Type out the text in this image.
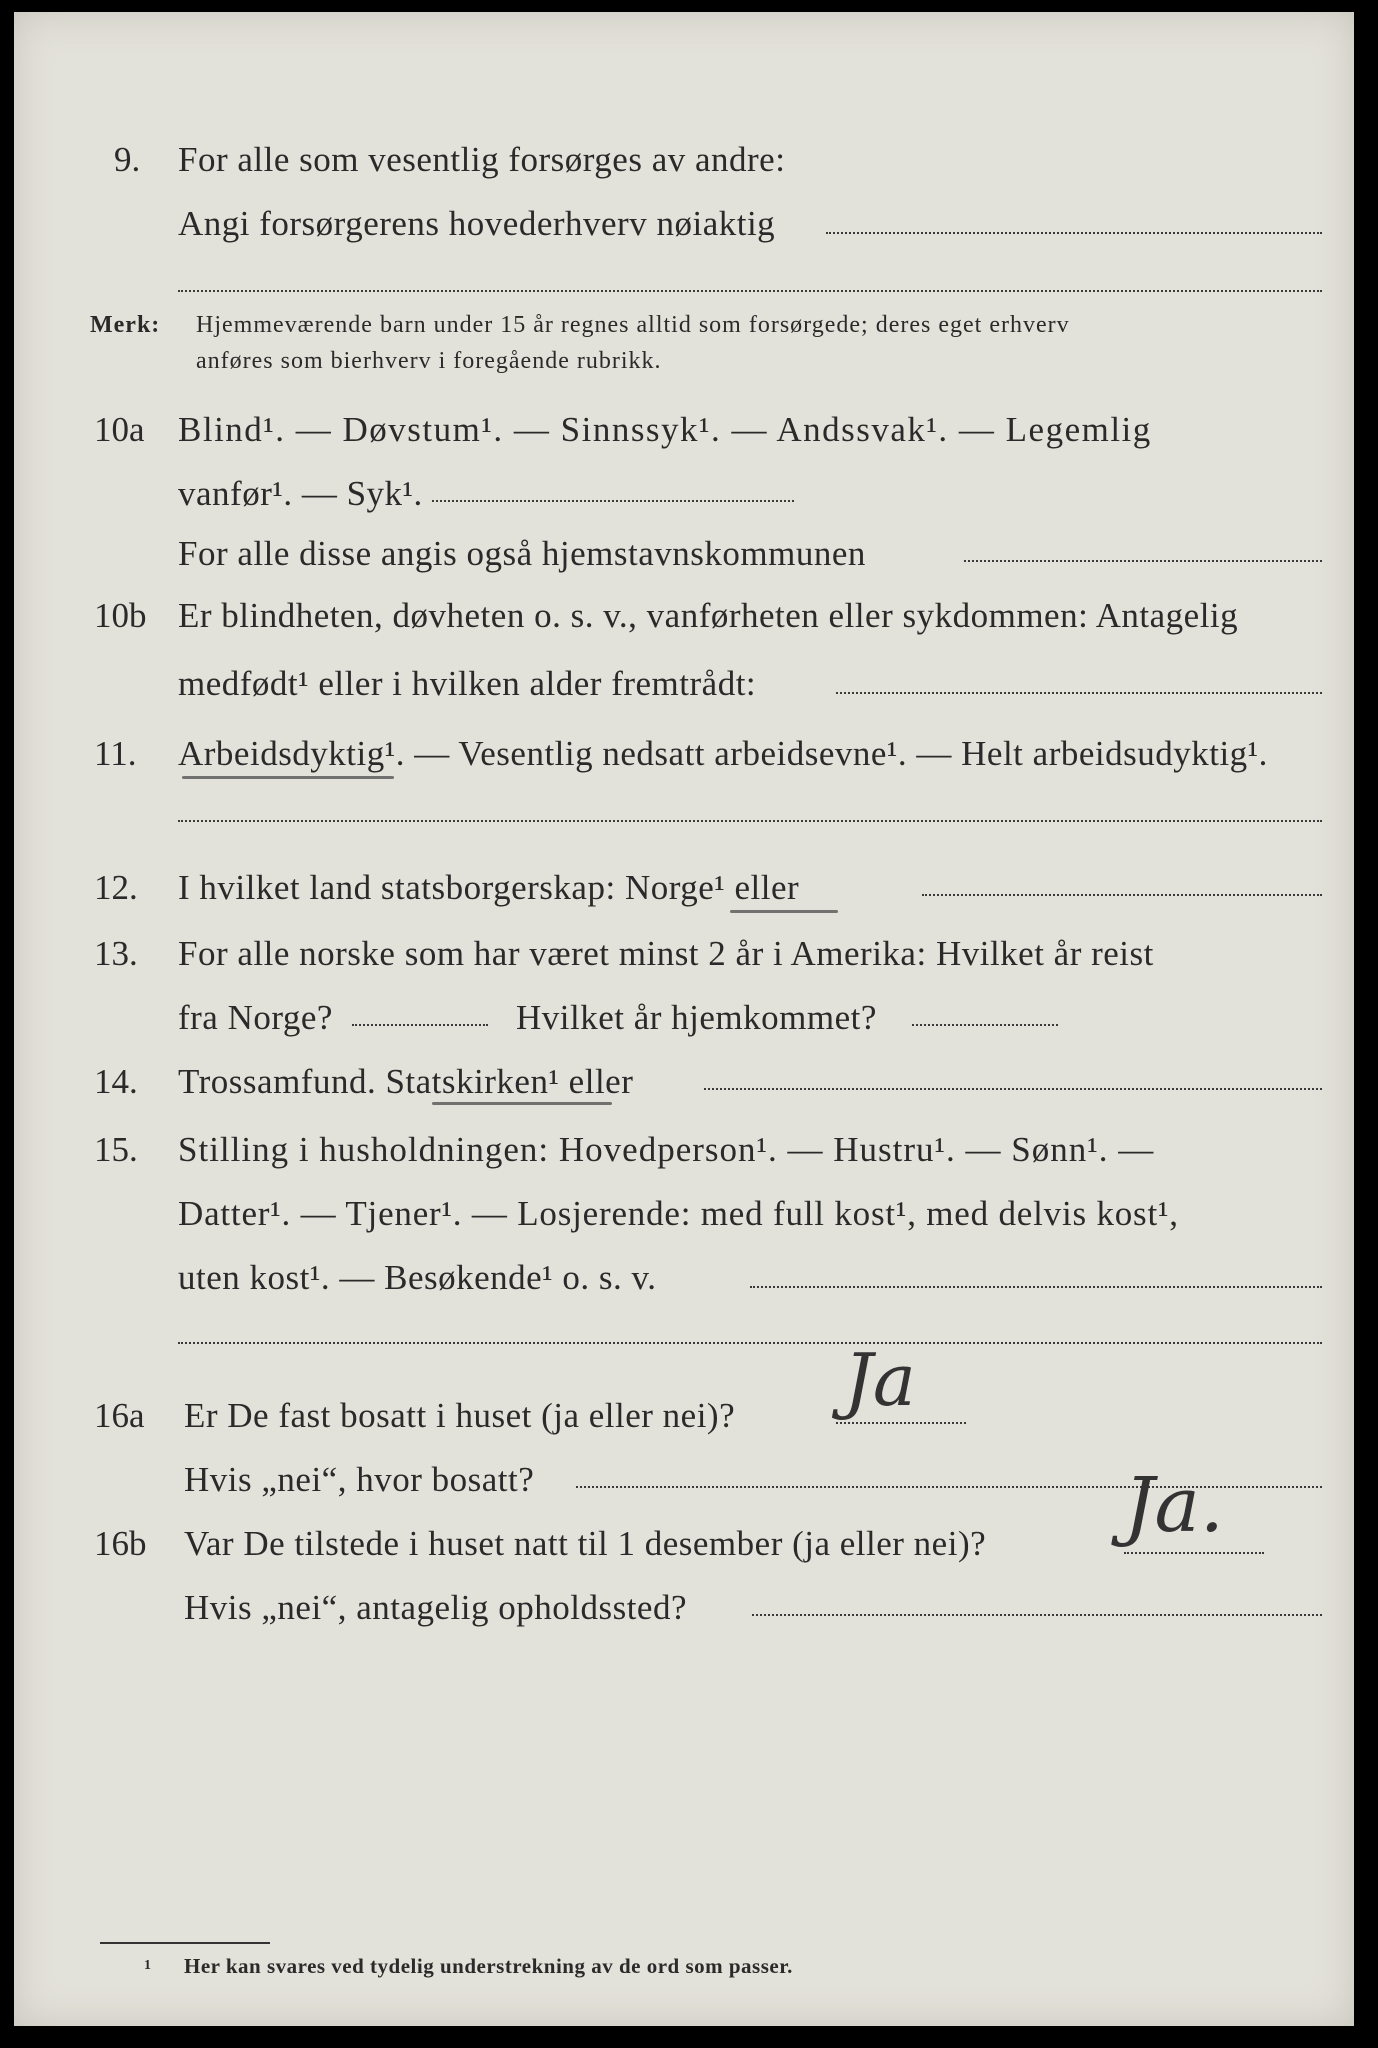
9. For alle som vesentlig forsørges av andre:
Angi forsørgerens hovederhverv nøiaktig
Merk: Hjemmeværende barn under 15 år regnes alltid som forsørgede; deres eget erhverv
anføres som bierhverv i foregående rubrikk.
10a Blind¹. — Døvstum¹. — Sinnssyk¹. — Andssvak¹. — Legemlig
vanfør¹. — Syk¹.
For alle disse angis også hjemstavnskommunen
10b Er blindheten, døvheten o. s. v., vanførheten eller sykdommen: Antagelig
medfødt¹ eller i hvilken alder fremtrådt:
11. Arbeidsdyktig¹. — Vesentlig nedsatt arbeidsevne¹. — Helt arbeidsudyktig¹.
12. I hvilket land statsborgerskap: Norge¹ eller
13. For alle norske som har været minst 2 år i Amerika: Hvilket år reist
fra Norge?	Hvilket år hjemkommet?
14. Trossamfund. Statskirken¹ eller
15. Stilling i husholdningen: Hovedperson¹. — Hustru¹. — Sønn¹. —
Datter¹. — Tjener¹. — Losjerende: med full kost¹, med delvis kost¹,
uten kost¹. — Besøkende¹ o. s. v.
16a Er De fast bosatt i huset (ja eller nei)? Ja
Hvis „nei“, hvor bosatt?
16b Var De tilstede i huset natt til 1 desember (ja eller nei)? Ja.
Hvis „nei“, antagelig opholdssted?
1 Her kan svares ved tydelig understrekning av de ord som passer.
